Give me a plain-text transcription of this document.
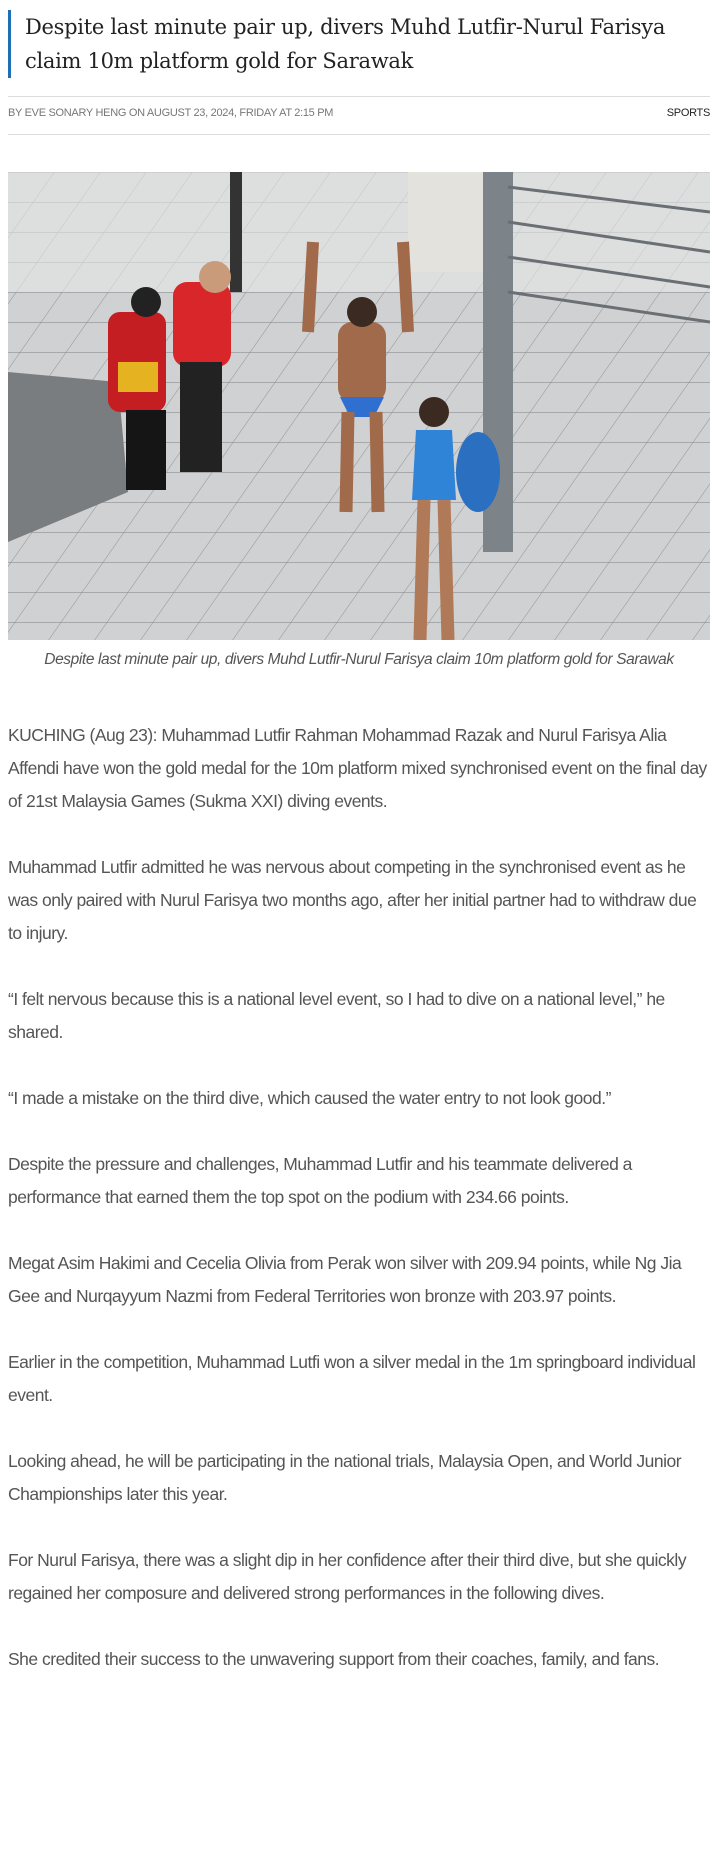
Despite last minute pair up, divers Muhd Lutfir-Nurul Farisya claim 10m platform gold for Sarawak
BY EVE SONARY HENG ON AUGUST 23, 2024, FRIDAY AT 2:15 PM	SPORTS
Despite last minute pair up, divers Muhd Lutfir-Nurul Farisya claim 10m platform gold for Sarawak

KUCHING (Aug 23): Muhammad Lutfir Rahman Mohammad Razak and Nurul Farisya Alia Affendi have won the gold medal for the 10m platform mixed synchronised event on the final day of 21st Malaysia Games (Sukma XXI) diving events.

Muhammad Lutfir admitted he was nervous about competing in the synchronised event as he was only paired with Nurul Farisya two months ago, after her initial partner had to withdraw due to injury.

“I felt nervous because this is a national level event, so I had to dive on a national level,” he shared.

“I made a mistake on the third dive, which caused the water entry to not look good.”

Despite the pressure and challenges, Muhammad Lutfir and his teammate delivered a performance that earned them the top spot on the podium with 234.66 points.

Megat Asim Hakimi and Cecelia Olivia from Perak won silver with 209.94 points, while Ng Jia Gee and Nurqayyum Nazmi from Federal Territories won bronze with 203.97 points.

Earlier in the competition, Muhammad Lutfi won a silver medal in the 1m springboard individual event.

Looking ahead, he will be participating in the national trials, Malaysia Open, and World Junior Championships later this year.

For Nurul Farisya, there was a slight dip in her confidence after their third dive, but she quickly regained her composure and delivered strong performances in the following dives.

She credited their success to the unwavering support from their coaches, family, and fans.
